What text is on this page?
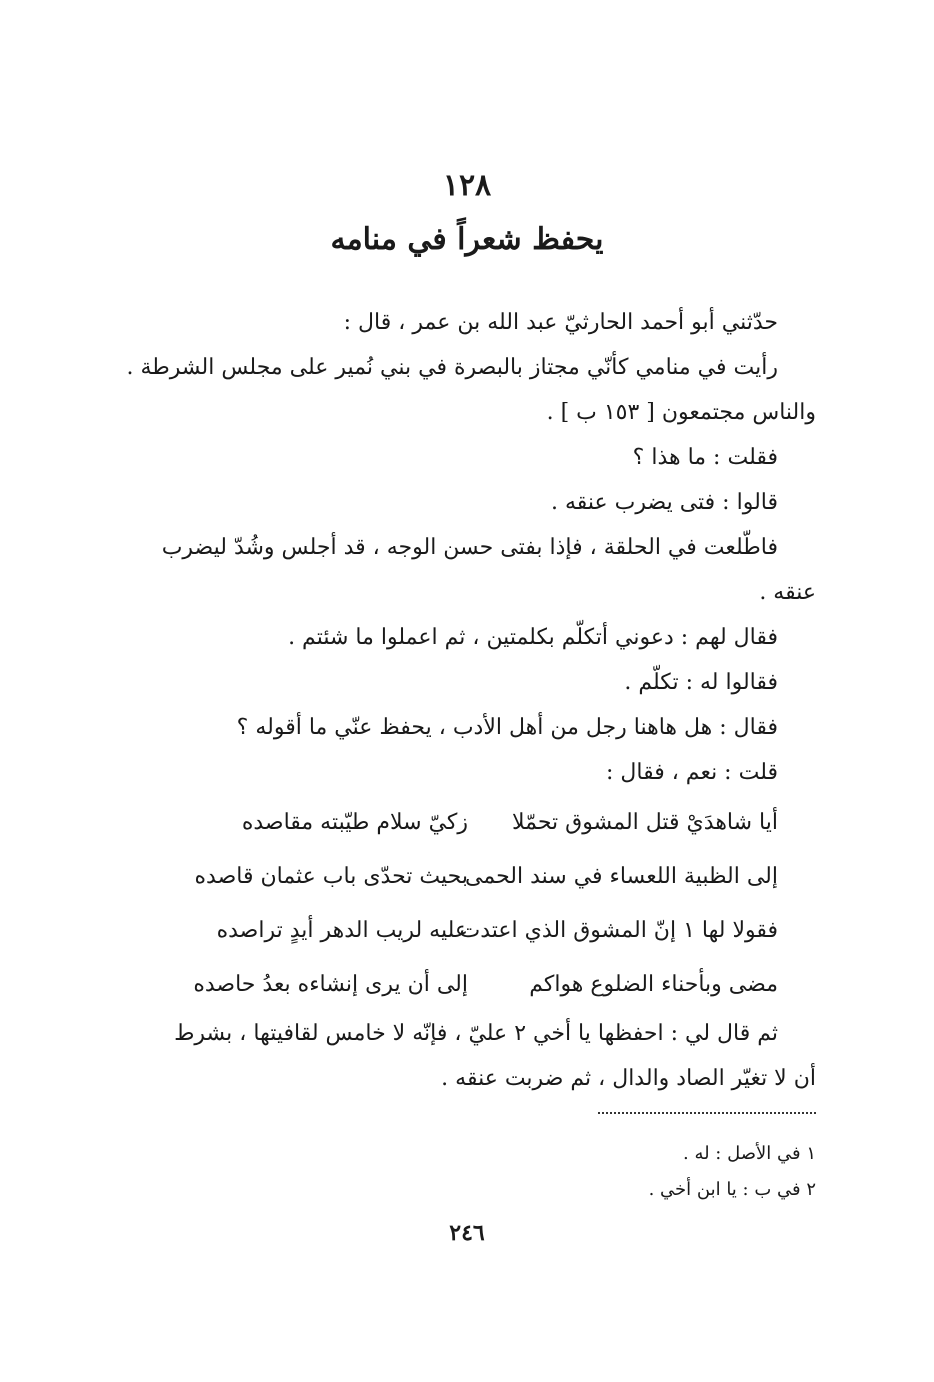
١٢٨
يحفظ شعراً في منامه
حدّثني أبو أحمد الحارثيّ عبد الله بن عمر ، قال :
رأيت في منامي كأنّي مجتاز بالبصرة في بني نُمير على مجلس الشرطة .
والناس مجتمعون [ ١٥٣ ب ] .
فقلت : ما هذا ؟
قالوا : فتى يضرب عنقه .
فاطّلعت في الحلقة ، فإذا بفتى حسن الوجه ، قد أجلس وشُدّ ليضرب
عنقه .
فقال لهم : دعوني أتكلّم بكلمتين ، ثم اعملوا ما شئتم .
فقالوا له : تكلّم .
فقال : هل هاهنا رجل من أهل الأدب ، يحفظ عنّي ما أقوله ؟
قلت : نعم ، فقال :
أيا شاهدَيْ قتل المشوق تحمّلا
زكيّ سلام طيّبته مقاصده
إلى الظبية اللعساء في سند الحمى
بحيث تحدّى باب عثمان قاصده
فقولا لها ١ إنّ المشوق الذي اعتدت
عليه لريب الدهر أيدٍ تراصده
مضى وبأحناء الضلوع هواكم
إلى أن يرى إنشاءه بعدُ حاصده
ثم قال لي : احفظها يا أخي ٢ عليّ ، فإنّه لا خامس لقافيتها ، بشرط
أن لا تغيّر الصاد والدال ، ثم ضربت عنقه .
١ في الأصل : له .
٢ في ب : يا ابن أخي .
٢٤٦
